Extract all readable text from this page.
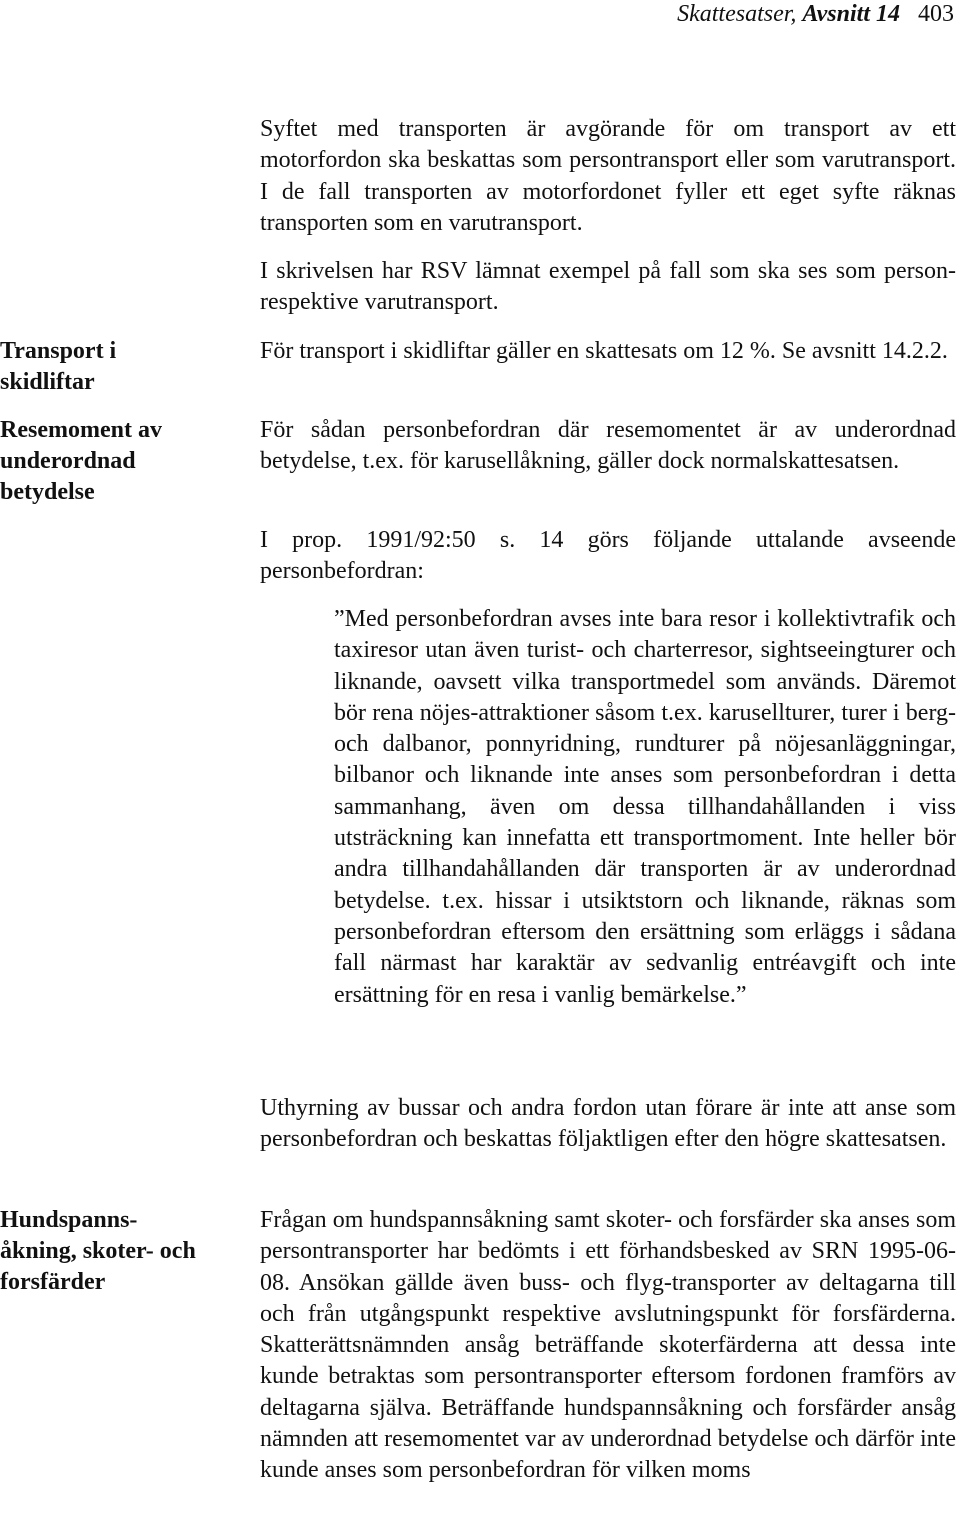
Skattesatser, Avsnitt 14 403
Transport i skidliftar
Resemoment av underordnad betydelse
Hundspanns-åkning, skoter- och forsfärder

Syftet med transporten är avgörande för om transport av ett motorfordon ska beskattas som persontransport eller som varutransport. I de fall transporten av motorfordonet fyller ett eget syfte räknas transporten som en varutransport.

I skrivelsen har RSV lämnat exempel på fall som ska ses som person- respektive varutransport.

För transport i skidliftar gäller en skattesats om 12 %. Se avsnitt 14.2.2.

För sådan personbefordran där resemomentet är av underordnad betydelse, t.ex. för karusellåkning, gäller dock normalskattesatsen.

I prop. 1991/92:50 s. 14 görs följande uttalande avseende personbefordran:

”Med personbefordran avses inte bara resor i kollektivtrafik och taxiresor utan även turist- och charterresor, sightseeingturer och liknande, oavsett vilka transportmedel som används. Däremot bör rena nöjes-attraktioner såsom t.ex. karusellturer, turer i berg- och dalbanor, ponnyridning, rundturer på nöjesanläggningar, bilbanor och liknande inte anses som personbefordran i detta sammanhang, även om dessa tillhandahållanden i viss utsträckning kan innefatta ett transportmoment. Inte heller bör andra tillhandahållanden där transporten är av underordnad betydelse. t.ex. hissar i utsiktstorn och liknande, räknas som personbefordran eftersom den ersättning som erläggs i sådana fall närmast har karaktär av sedvanlig entréavgift och inte ersättning för en resa i vanlig bemärkelse.”

Uthyrning av bussar och andra fordon utan förare är inte att anse som personbefordran och beskattas följaktligen efter den högre skattesatsen.

Frågan om hundspannsåkning samt skoter- och forsfärder ska anses som persontransporter har bedömts i ett förhandsbesked av SRN 1995-06-08. Ansökan gällde även buss- och flyg-transporter av deltagarna till och från utgångspunkt respektive avslutningspunkt för forsfärderna. Skatterättsnämnden ansåg beträffande skoterfärderna att dessa inte kunde betraktas som persontransporter eftersom fordonen framförs av deltagarna själva. Beträffande hundspannsåkning och forsfärder ansåg nämnden att resemomentet var av underordnad betydelse och därför inte kunde anses som personbefordran för vilken moms
